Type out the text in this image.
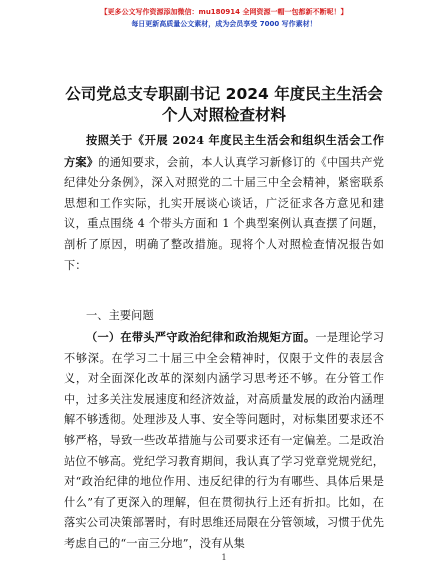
【更多公文写作资源添加微信：mu180914 全网资源一帽一包都新不断呢！】
每日更新高质量公文素材，成为会员享受 7000 写作素材！
公司党总支专职副书记 2024 年度民主生活会个人对照检查材料
按照关于《开展 2024 年度民主生活会和组织生活会工作方案》的通知要求，会前，本人认真学习新修订的《中国共产党纪律处分条例》，深入对照党的二十届三中全会精神，紧密联系思想和工作实际，扎实开展谈心谈话，广泛征求各方意见和建议，重点围绕 4 个带头方面和 1 个典型案例认真查摆了问题，剖析了原因，明确了整改措施。现将个人对照检查情况报告如下：
一、主要问题
（一）在带头严守政治纪律和政治规矩方面。一是理论学习不够深。在学习二十届三中全会精神时，仅限于文件的表层含义，对全面深化改革的深刻内涵学习思考还不够。在分管工作中，过多关注发展速度和经济效益，对高质量发展的政治内涵理解不够透彻。处理涉及人事、安全等问题时，对标集团要求还不够严格，导致一些改革措施与公司要求还有一定偏差。二是政治站位不够高。党纪学习教育期间，我认真了学习党章党规党纪，对“政治纪律的地位作用、违反纪律的行为有哪些、具体后果是什么”有了更深入的理解，但在贯彻执行上还有折扣。比如，在落实公司决策部署时，有时思维还局限在分管领域，习惯于优先考虑自己的“一亩三分地”，没有从集
1
